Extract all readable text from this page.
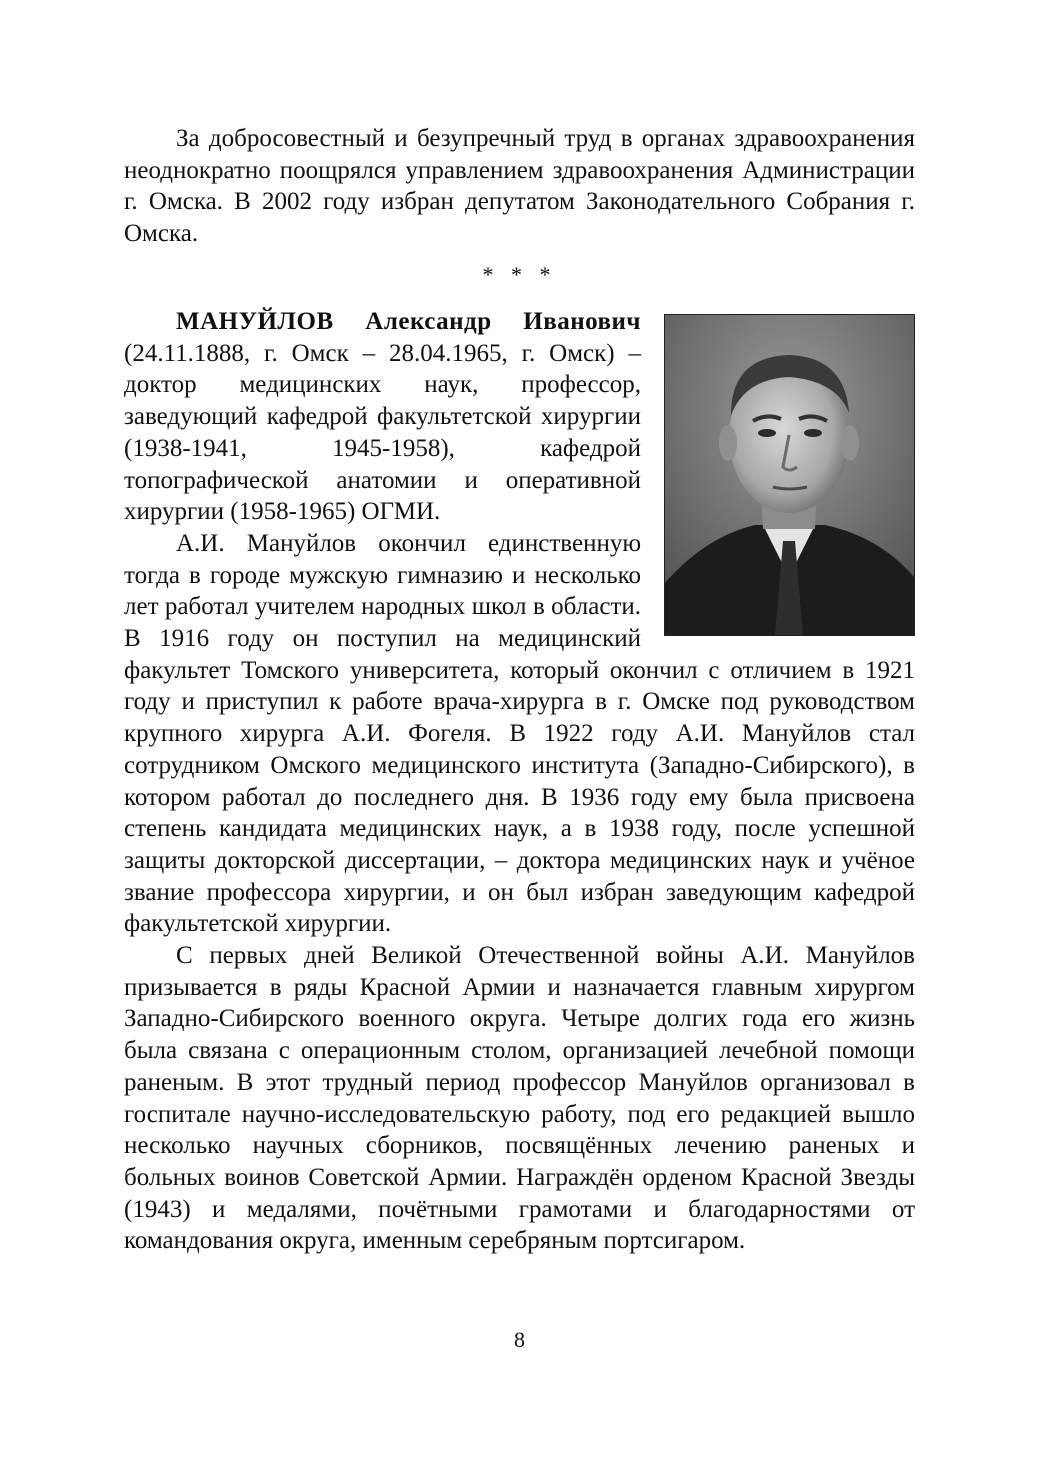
За добросовестный и безупречный труд в органах здравоохранения неоднократно поощрялся управлением здравоохранения Администрации г. Омска. В 2002 году избран депутатом Законодательного Собрания г. Омска.

* * *

МАНУЙЛОВ Александр Иванович (24.11.1888, г. Омск – 28.04.1965, г. Омск) – доктор медицинских наук, профессор, заведующий кафедрой факультетской хирургии (1938-1941, 1945-1958), кафедрой топографической анатомии и оперативной хирургии (1958-1965) ОГМИ.

А.И. Мануйлов окончил единственную тогда в городе мужскую гимназию и несколько лет работал учителем народных школ в области. В 1916 году он поступил на медицинский факультет Томского университета, который окончил с отличием в 1921 году и приступил к работе врача-хирурга в г. Омске под руководством крупного хирурга А.И. Фогеля. В 1922 году А.И. Мануйлов стал сотрудником Омского медицинского института (Западно-Сибирского), в котором работал до последнего дня. В 1936 году ему была присвоена степень кандидата медицинских наук, а в 1938 году, после успешной защиты докторской диссертации, – доктора медицинских наук и учёное звание профессора хирургии, и он был избран заведующим кафедрой факультетской хирургии.

С первых дней Великой Отечественной войны А.И. Мануйлов призывается в ряды Красной Армии и назначается главным хирургом Западно-Сибирского военного округа. Четыре долгих года его жизнь была связана с операционным столом, организацией лечебной помощи раненым. В этот трудный период профессор Мануйлов организовал в госпитале научно-исследовательскую работу, под его редакцией вышло несколько научных сборников, посвящённых лечению раненых и больных воинов Советской Армии. Награждён орденом Красной Звезды (1943) и медалями, почётными грамотами и благодарностями от командования округа, именным серебряным портсигаром.

8
